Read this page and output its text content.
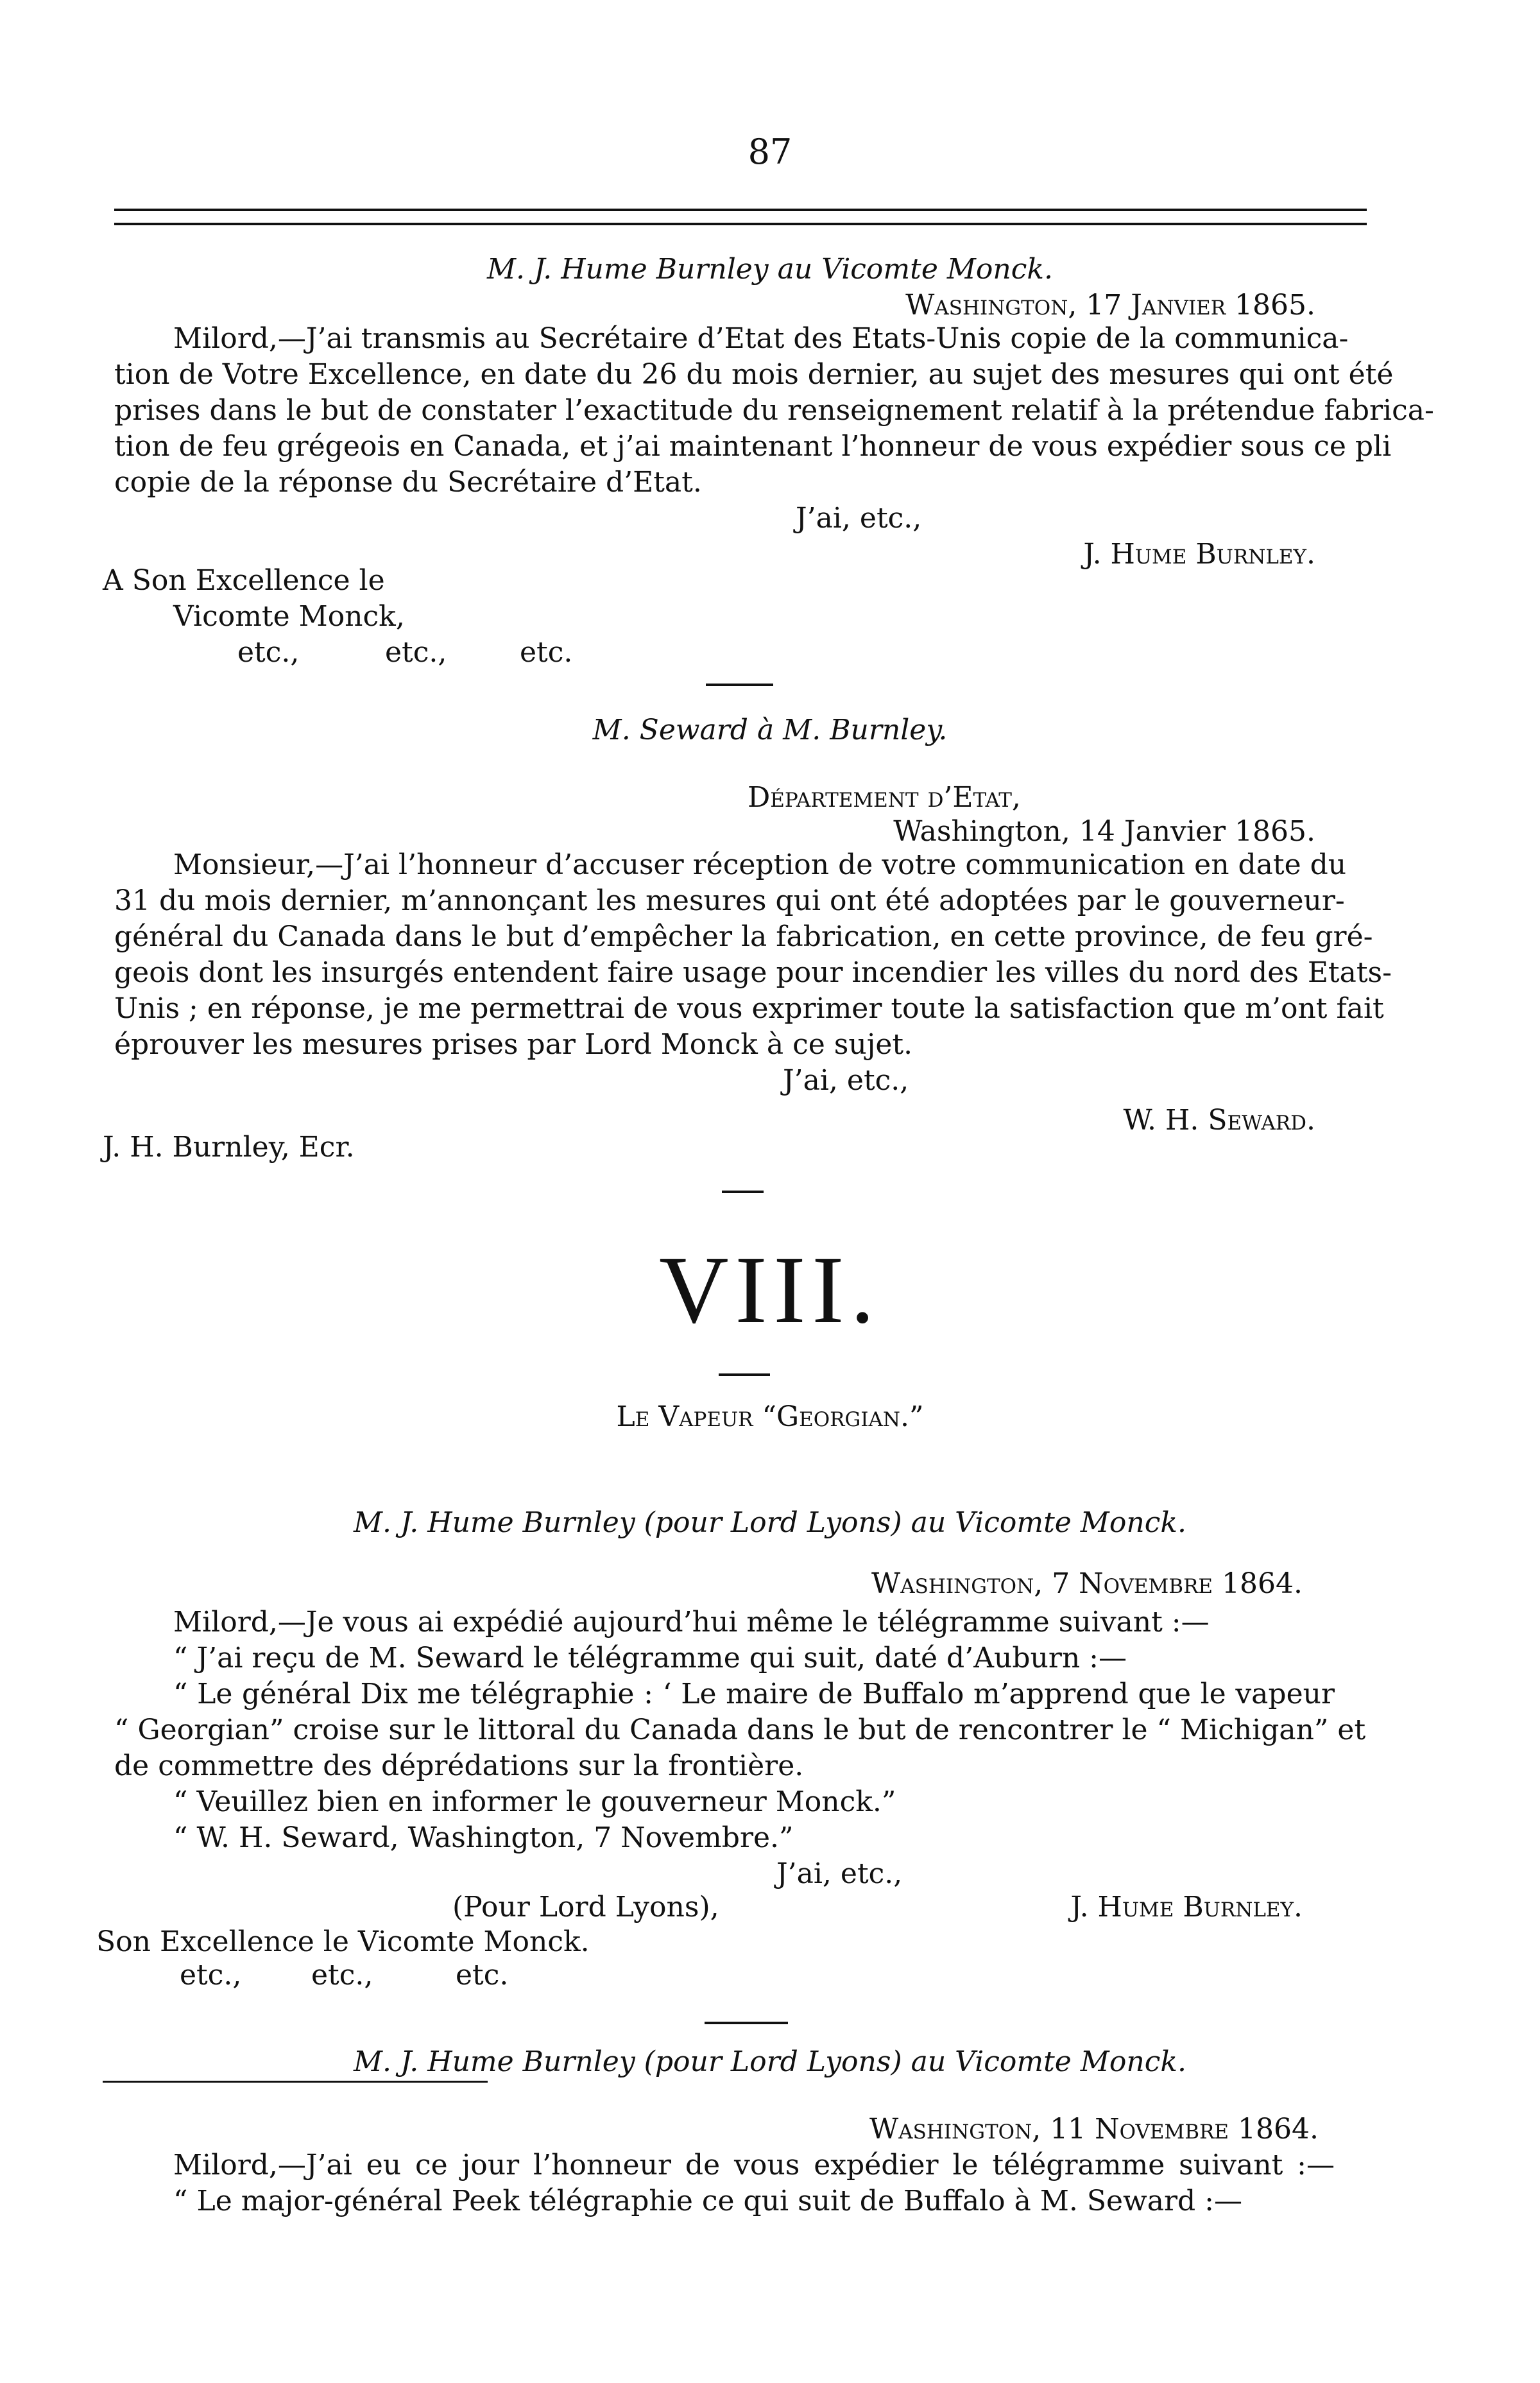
87
M. J. Hume Burnley au Vicomte Monck.
Washington, 17 Janvier 1865.
Milord,—J’ai transmis au Secrétaire d’Etat des Etats-Unis copie de la communica-
tion de Votre Excellence, en date du 26 du mois dernier, au sujet des mesures qui ont été
prises dans le but de constater l’exactitude du renseignement relatif à la prétendue fabrica-
tion de feu grégeois en Canada, et j’ai maintenant l’honneur de vous expédier sous ce pli
copie de la réponse du Secrétaire d’Etat.
J’ai, etc.,
J. Hume Burnley.
A Son Excellence le
Vicomte Monck,
etc.,	etc.,	etc.
M. Seward à M. Burnley.
Département d’Etat,
Washington, 14 Janvier 1865.
Monsieur,—J’ai l’honneur d’accuser réception de votre communication en date du
31 du mois dernier, m’annonçant les mesures qui ont été adoptées par le gouverneur-
général du Canada dans le but d’empêcher la fabrication, en cette province, de feu gré-
geois dont les insurgés entendent faire usage pour incendier les villes du nord des Etats-
Unis ; en réponse, je me permettrai de vous exprimer toute la satisfaction que m’ont fait
éprouver les mesures prises par Lord Monck à ce sujet.
J’ai, etc.,
W. H. Seward.
J. H. Burnley, Ecr.
VIII.
Le Vapeur “Georgian.”
M. J. Hume Burnley (pour Lord Lyons) au Vicomte Monck.
Washington, 7 Novembre 1864.
Milord,—Je vous ai expédié aujourd’hui même le télégramme suivant :—
“ J’ai reçu de M. Seward le télégramme qui suit, daté d’Auburn :—
“ Le général Dix me télégraphie : ‘ Le maire de Buffalo m’apprend que le vapeur
“ Georgian” croise sur le littoral du Canada dans le but de rencontrer le “ Michigan” et
de commettre des déprédations sur la frontière.
“ Veuillez bien en informer le gouverneur Monck.”
“ W. H. Seward, Washington, 7 Novembre.”
J’ai, etc.,
(Pour Lord Lyons),	J. Hume Burnley.
Son Excellence le Vicomte Monck.
etc., etc.,	etc.
M. J. Hume Burnley (pour Lord Lyons) au Vicomte Monck.
Washington, 11 Novembre 1864.
Milord,—J’ai eu ce jour l’honneur de vous expédier le télégramme suivant :—
“ Le major-général Peek télégraphie ce qui suit de Buffalo à M. Seward :—
